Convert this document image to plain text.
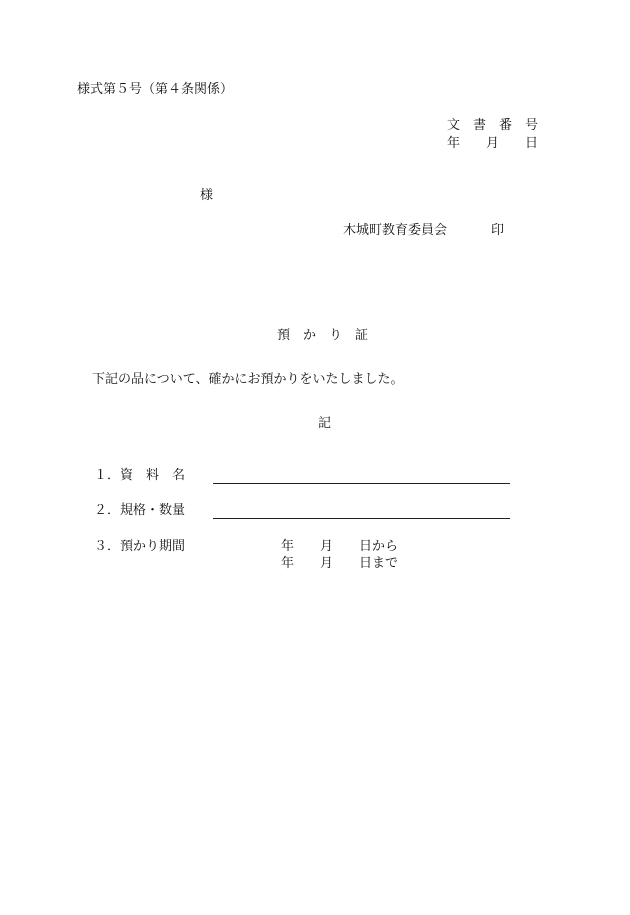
様式第５号（第４条関係）
文　書　番　号
年　　月　　日
様
木城町教育委員会	印
預　か　り　証
下記の品について、確かにお預かりをいたしました。
記
１．資　料　名
２．規格・数量
３．預かり期間	年　　月　　日から
年　　月　　日まで
